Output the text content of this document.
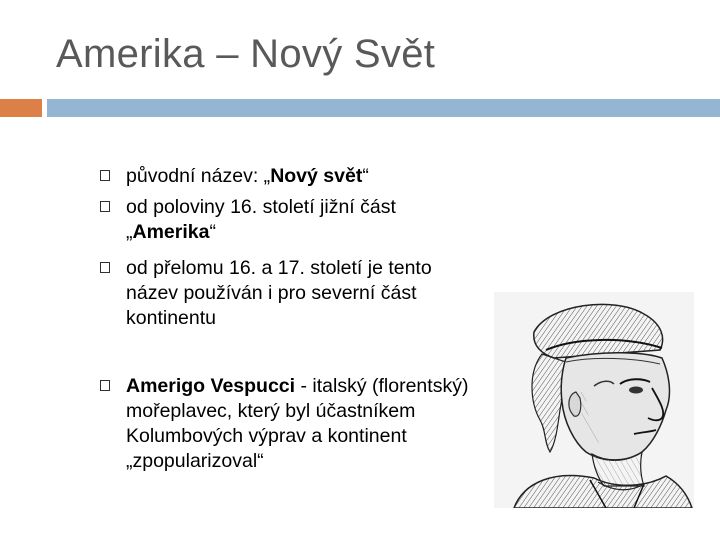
Amerika – Nový Svět
původní název: „Nový svět“
od poloviny 16. století jižní část
„Amerika“
od přelomu 16. a 17. století je tento
název používán i pro severní část
kontinentu
Amerigo Vespucci - italský (florentský)
mořeplavec, který byl účastníkem
Kolumbových výprav a kontinent
„zpopularizoval“
